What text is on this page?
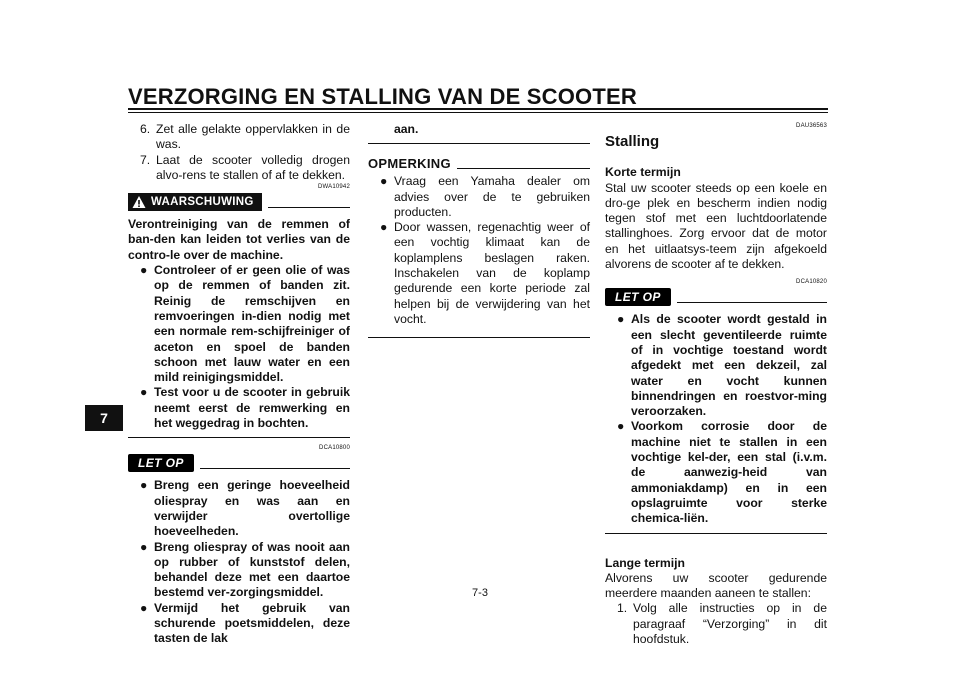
VERZORGING EN STALLING VAN DE SCOOTER
7
6. Zet alle gelakte oppervlakken in de was.
7. Laat de scooter volledig drogen alvo-rens te stallen of af te dekken.
DWA10942
WAARSCHUWING
Verontreiniging van de remmen of ban-den kan leiden tot verlies van de contro-le over de machine.
● Controleer of er geen olie of was op de remmen of banden zit. Reinig de remschijven en remvoeringen in-dien nodig met een normale rem-schijfreiniger of aceton en spoel de banden schoon met lauw water en een mild reinigingsmiddel.
● Test voor u de scooter in gebruik neemt eerst de remwerking en het weggedrag in bochten.
DCA10800
LET OP
● Breng een geringe hoeveelheid oliespray en was aan en verwijder overtollige hoeveelheden.
● Breng oliespray of was nooit aan op rubber of kunststof delen, behandel deze met een daartoe bestemd ver-zorgingsmiddel.
● Vermijd het gebruik van schurende poetsmiddelen, deze tasten de lak
aan.
OPMERKING
● Vraag een Yamaha dealer om advies over de te gebruiken producten.
● Door wassen, regenachtig weer of een vochtig klimaat kan de koplamplens beslagen raken. Inschakelen van de koplamp gedurende een korte periode zal helpen bij de verwijdering van het vocht.
DAU36563
Stalling
Korte termijn
Stal uw scooter steeds op een koele en dro-ge plek en bescherm indien nodig tegen stof met een luchtdoorlatende stallinghoes. Zorg ervoor dat de motor en het uitlaatsys-teem zijn afgekoeld alvorens de scooter af te dekken.
DCA10820
LET OP
● Als de scooter wordt gestald in een slecht geventileerde ruimte of in vochtige toestand wordt afgedekt met een dekzeil, zal water en vocht kunnen binnendringen en roestvor-ming veroorzaken.
● Voorkom corrosie door de machine niet te stallen in een vochtige kel-der, een stal (i.v.m. de aanwezig-heid van ammoniakdamp) en in een opslagruimte voor sterke chemica-liën.
Lange termijn
Alvorens uw scooter gedurende meerdere maanden aaneen te stallen:
1. Volg alle instructies op in de paragraaf “Verzorging” in dit hoofdstuk.
7-3
